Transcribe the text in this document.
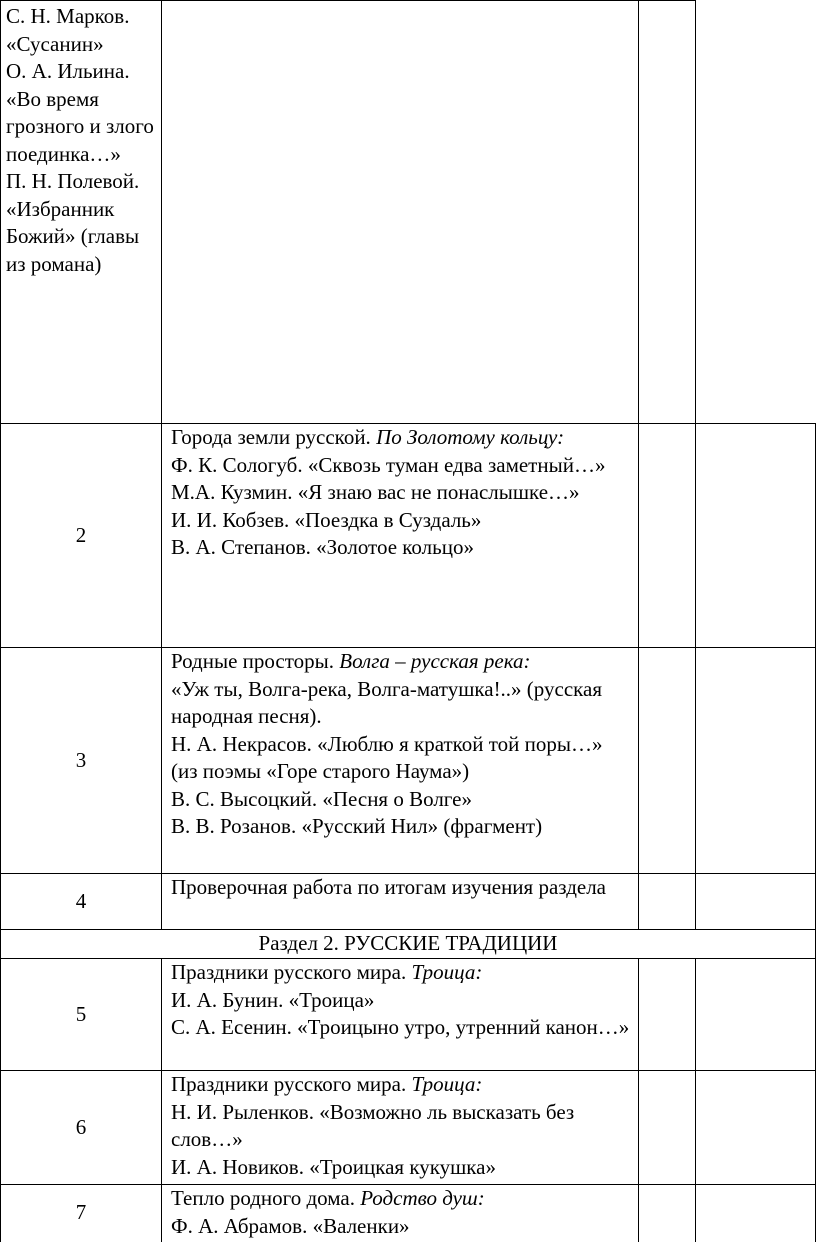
С. Н. Марков. «Сусанин»

О. А. Ильина. «Во время грозного и злого поединка…»

П. Н. Полевой. «Избранник Божий» (главы из романа)

2

Города земли русской. По Золотому кольцу:

Ф. К. Сологуб. «Сквозь туман едва заметный…»

М.А. Кузмин. «Я знаю вас не понаслышке…»

И. И. Кобзев. «Поездка в Суздаль»

В. А. Степанов. «Золотое кольцо»

3

Родные просторы. Волга – русская река:

«Уж ты, Волга-река, Волга-матушка!..» (русская народная песня).

Н. А. Некрасов. «Люблю я краткой той поры…» (из поэмы «Горе старого Наума»)

В. С. Высоцкий. «Песня о Волге»

В. В. Розанов. «Русский Нил» (фрагмент)

4

Проверочная работа по итогам изучения раздела

Раздел 2. РУССКИЕ ТРАДИЦИИ
5

Праздники русского мира. Троица:

И. А. Бунин. «Троица»

С. А. Есенин. «Троицыно утро, утренний канон…»

6

Праздники русского мира. Троица:

Н. И. Рыленков. «Возможно ль высказать без слов…»

И. А. Новиков. «Троицкая кукушка»

7

Тепло родного дома. Родство душ:

Ф. А. Абрамов. «Валенки»
